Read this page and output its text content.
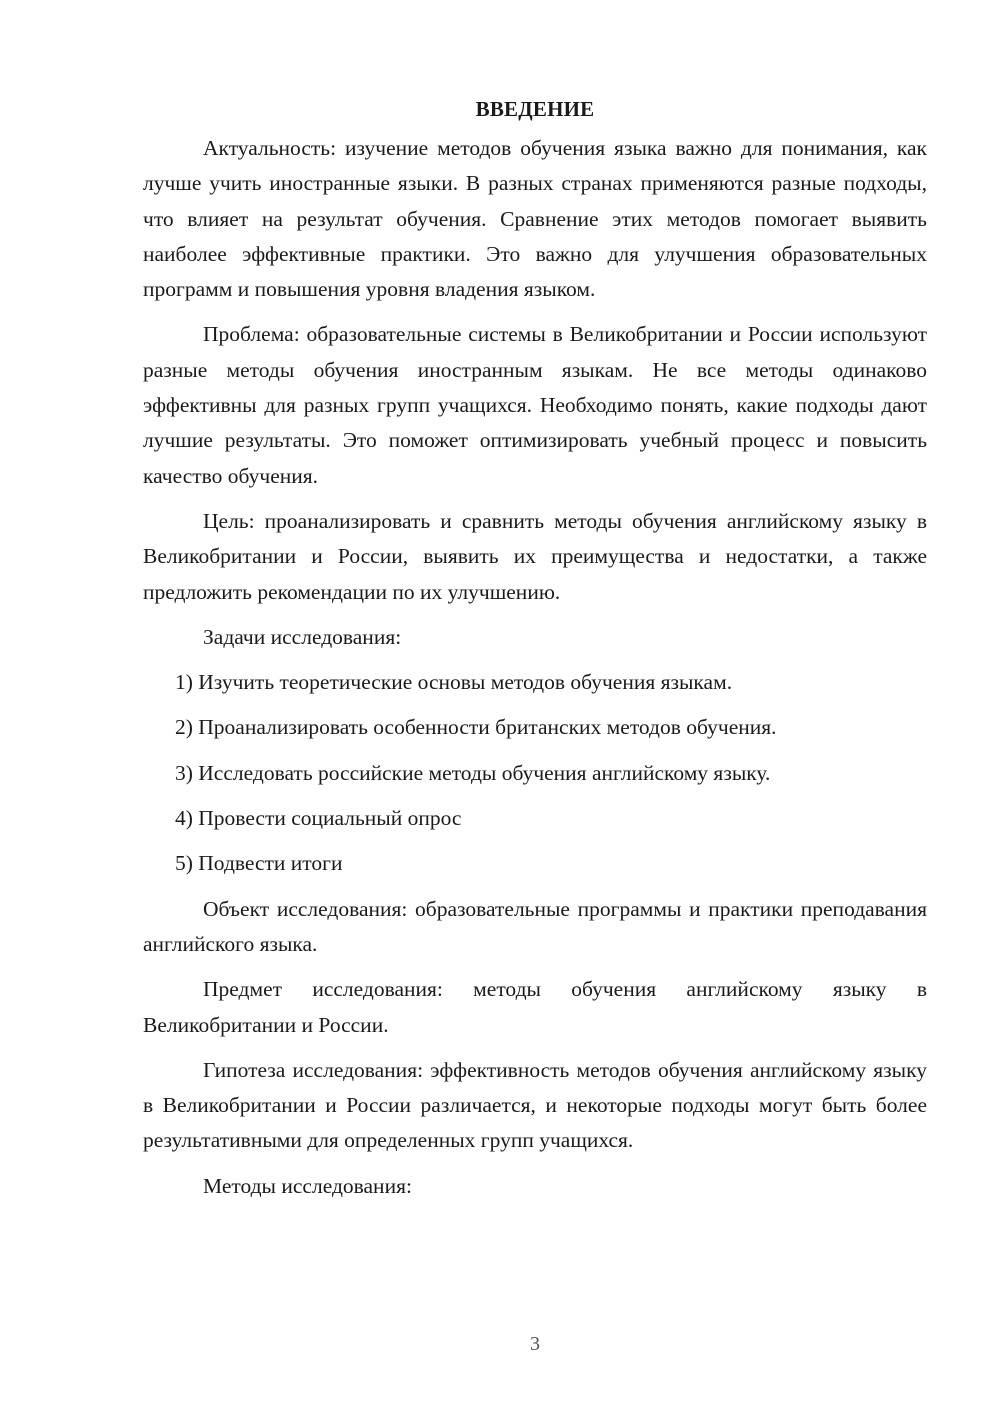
ВВЕДЕНИЕ

Актуальность: изучение методов обучения языка важно для понимания, как лучше учить иностранные языки. В разных странах применяются разные подходы, что влияет на результат обучения. Сравнение этих методов помогает выявить наиболее эффективные практики. Это важно для улучшения образовательных программ и повышения уровня владения языком.

Проблема: образовательные системы в Великобритании и России используют разные методы обучения иностранным языкам. Не все методы одинаково эффективны для разных групп учащихся. Необходимо понять, какие подходы дают лучшие результаты. Это поможет оптимизировать учебный процесс и повысить качество обучения.

Цель: проанализировать и сравнить методы обучения английскому языку в Великобритании и России, выявить их преимущества и недостатки, а также предложить рекомендации по их улучшению.

Задачи исследования:

1) Изучить теоретические основы методов обучения языкам.
2) Проанализировать особенности британских методов обучения.
3) Исследовать российские методы обучения английскому языку.
4) Провести социальный опрос
5) Подвести итоги

Объект исследования: образовательные программы и практики преподавания английского языка.

Предмет исследования: методы обучения английскому языку в Великобритании и России.

Гипотеза исследования: эффективность методов обучения английскому языку в Великобритании и России различается, и некоторые подходы могут быть более результативными для определенных групп учащихся.

Методы исследования:

3
